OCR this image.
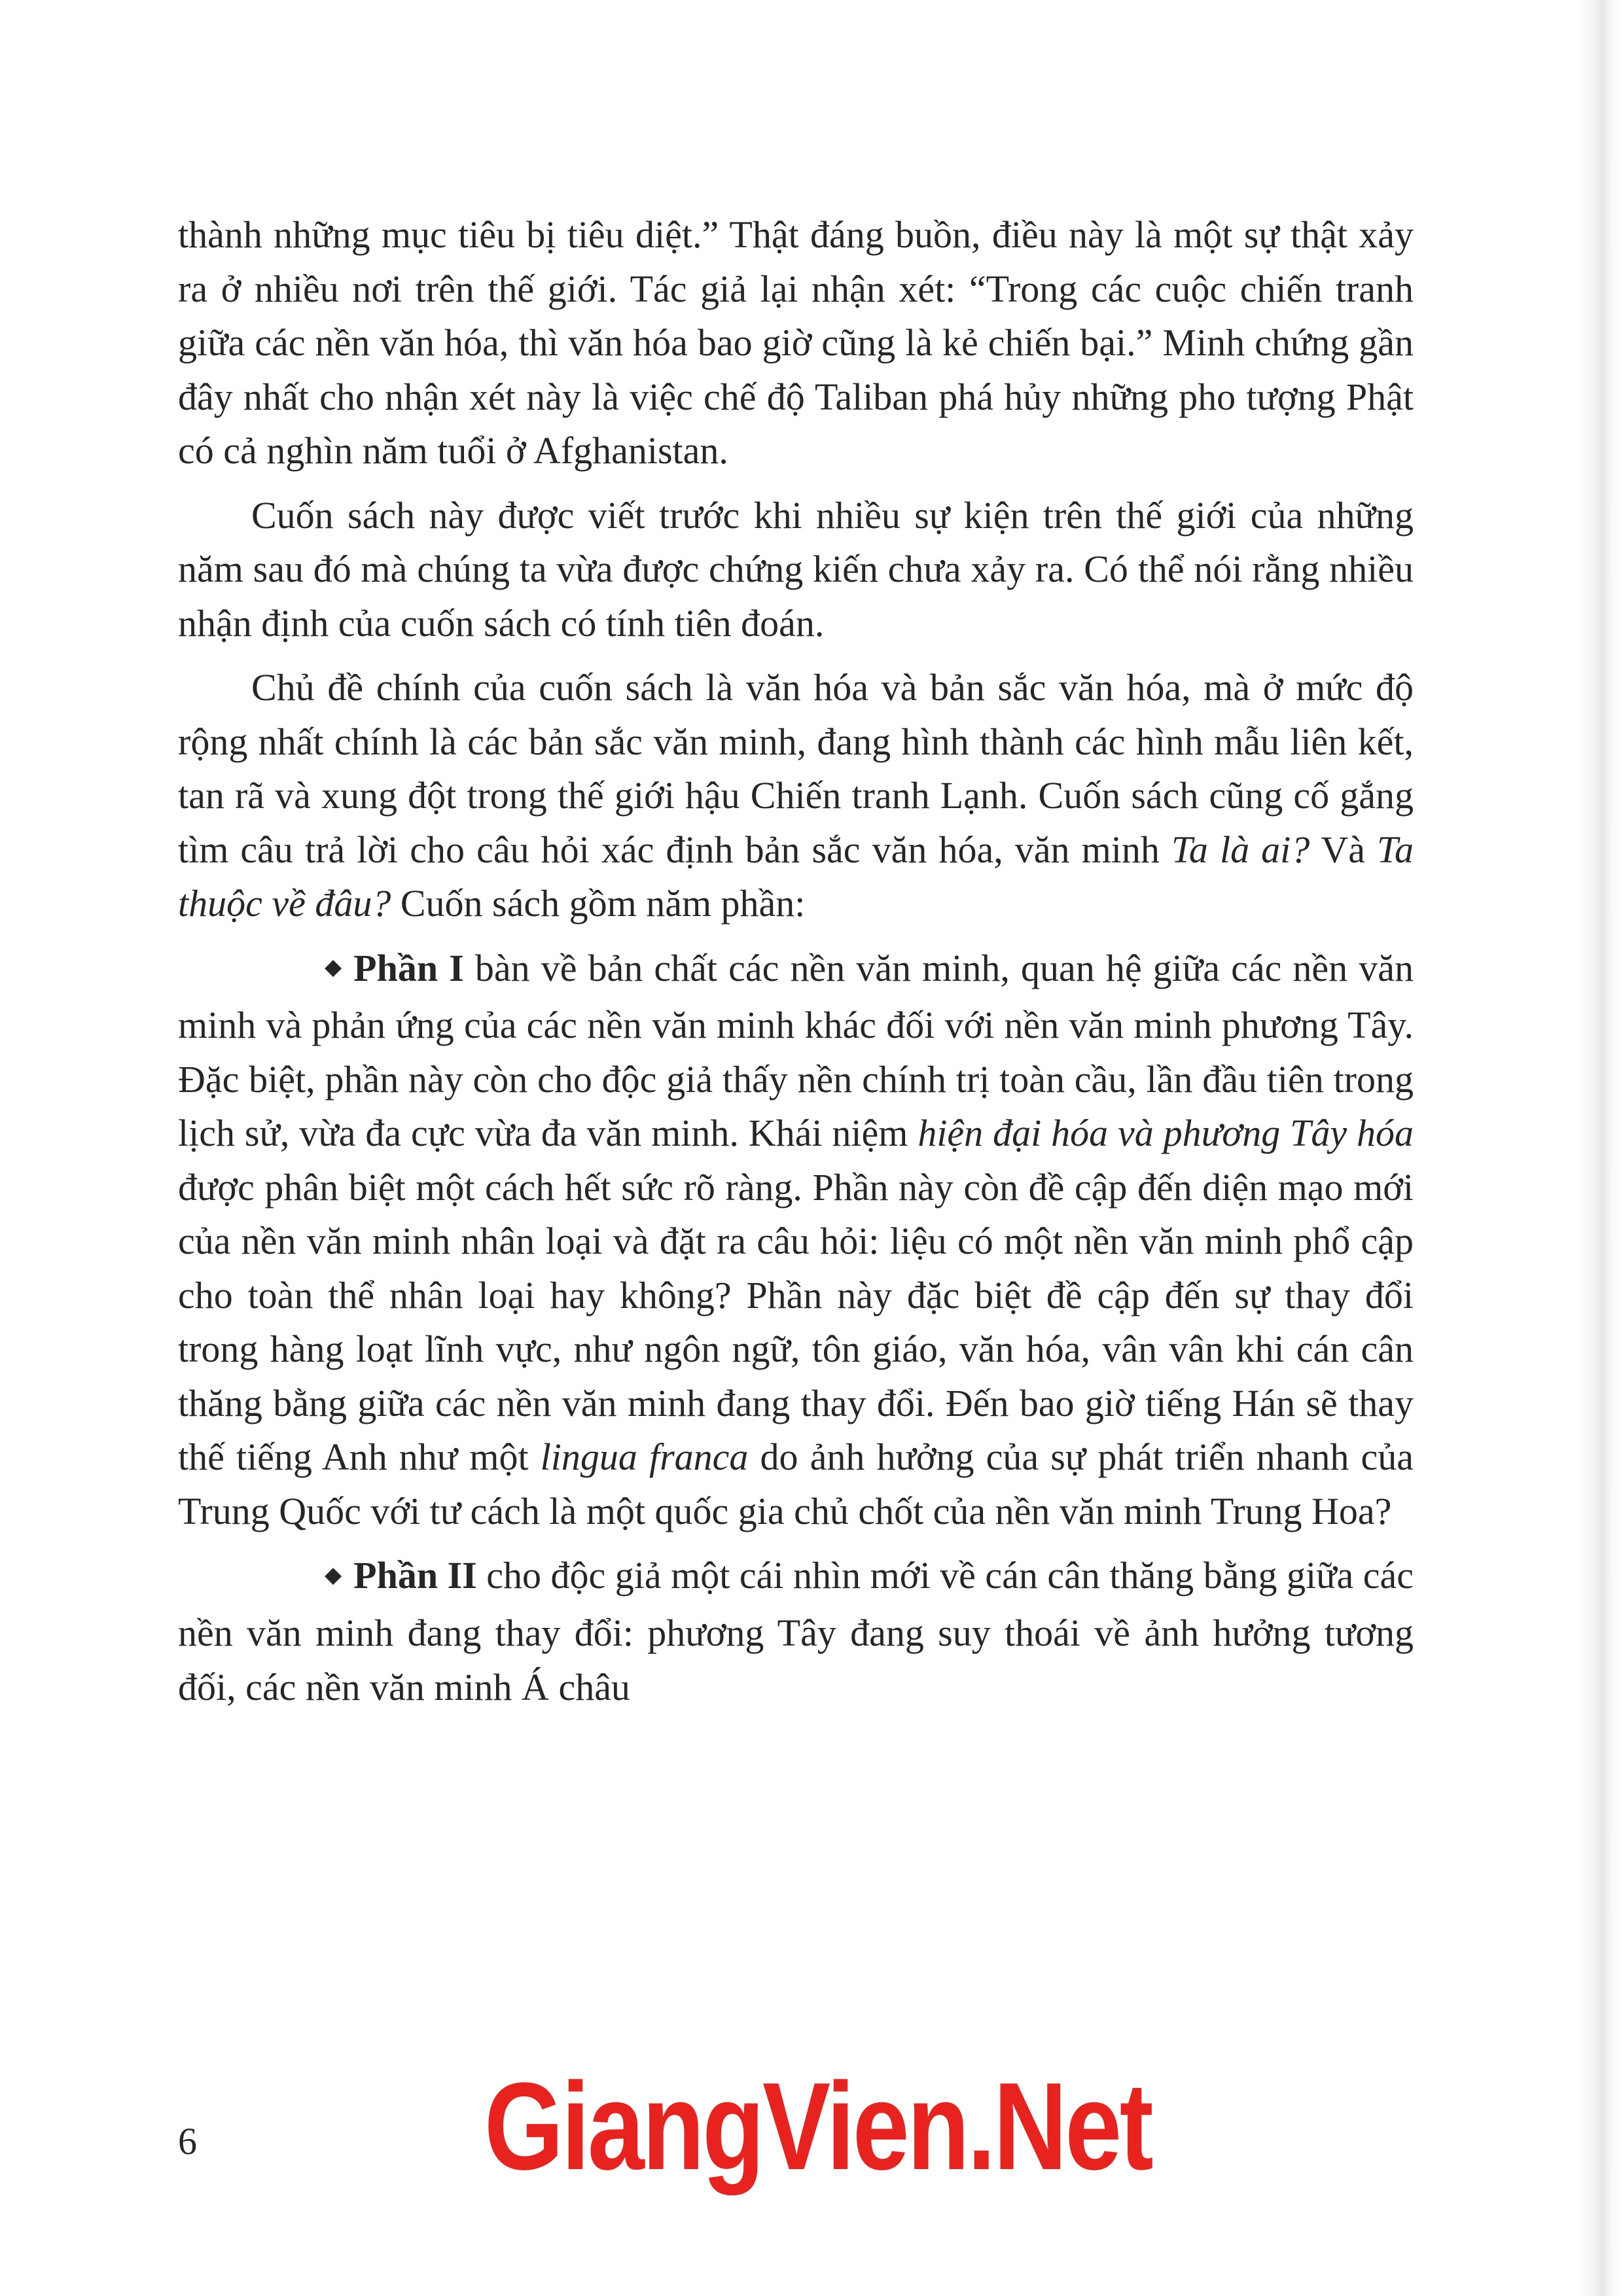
thành những mục tiêu bị tiêu diệt.” Thật đáng buồn, điều này là một sự thật xảy ra ở nhiều nơi trên thế giới. Tác giả lại nhận xét: “Trong các cuộc chiến tranh giữa các nền văn hóa, thì văn hóa bao giờ cũng là kẻ chiến bại.” Minh chứng gần đây nhất cho nhận xét này là việc chế độ Taliban phá hủy những pho tượng Phật có cả nghìn năm tuổi ở Afghanistan.

Cuốn sách này được viết trước khi nhiều sự kiện trên thế giới của những năm sau đó mà chúng ta vừa được chứng kiến chưa xảy ra. Có thể nói rằng nhiều nhận định của cuốn sách có tính tiên đoán.

Chủ đề chính của cuốn sách là văn hóa và bản sắc văn hóa, mà ở mức độ rộng nhất chính là các bản sắc văn minh, đang hình thành các hình mẫu liên kết, tan rã và xung đột trong thế giới hậu Chiến tranh Lạnh. Cuốn sách cũng cố gắng tìm câu trả lời cho câu hỏi xác định bản sắc văn hóa, văn minh Ta là ai? Và Ta thuộc về đâu? Cuốn sách gồm năm phần:

◆ Phần I bàn về bản chất các nền văn minh, quan hệ giữa các nền văn minh và phản ứng của các nền văn minh khác đối với nền văn minh phương Tây. Đặc biệt, phần này còn cho độc giả thấy nền chính trị toàn cầu, lần đầu tiên trong lịch sử, vừa đa cực vừa đa văn minh. Khái niệm hiện đại hóa và phương Tây hóa được phân biệt một cách hết sức rõ ràng. Phần này còn đề cập đến diện mạo mới của nền văn minh nhân loại và đặt ra câu hỏi: liệu có một nền văn minh phổ cập cho toàn thể nhân loại hay không? Phần này đặc biệt đề cập đến sự thay đổi trong hàng loạt lĩnh vực, như ngôn ngữ, tôn giáo, văn hóa, vân vân khi cán cân thăng bằng giữa các nền văn minh đang thay đổi. Đến bao giờ tiếng Hán sẽ thay thế tiếng Anh như một lingua franca do ảnh hưởng của sự phát triển nhanh của Trung Quốc với tư cách là một quốc gia chủ chốt của nền văn minh Trung Hoa?

◆ Phần II cho độc giả một cái nhìn mới về cán cân thăng bằng giữa các nền văn minh đang thay đổi: phương Tây đang suy thoái về ảnh hưởng tương đối, các nền văn minh Á châu

6 GiangVien.Net
